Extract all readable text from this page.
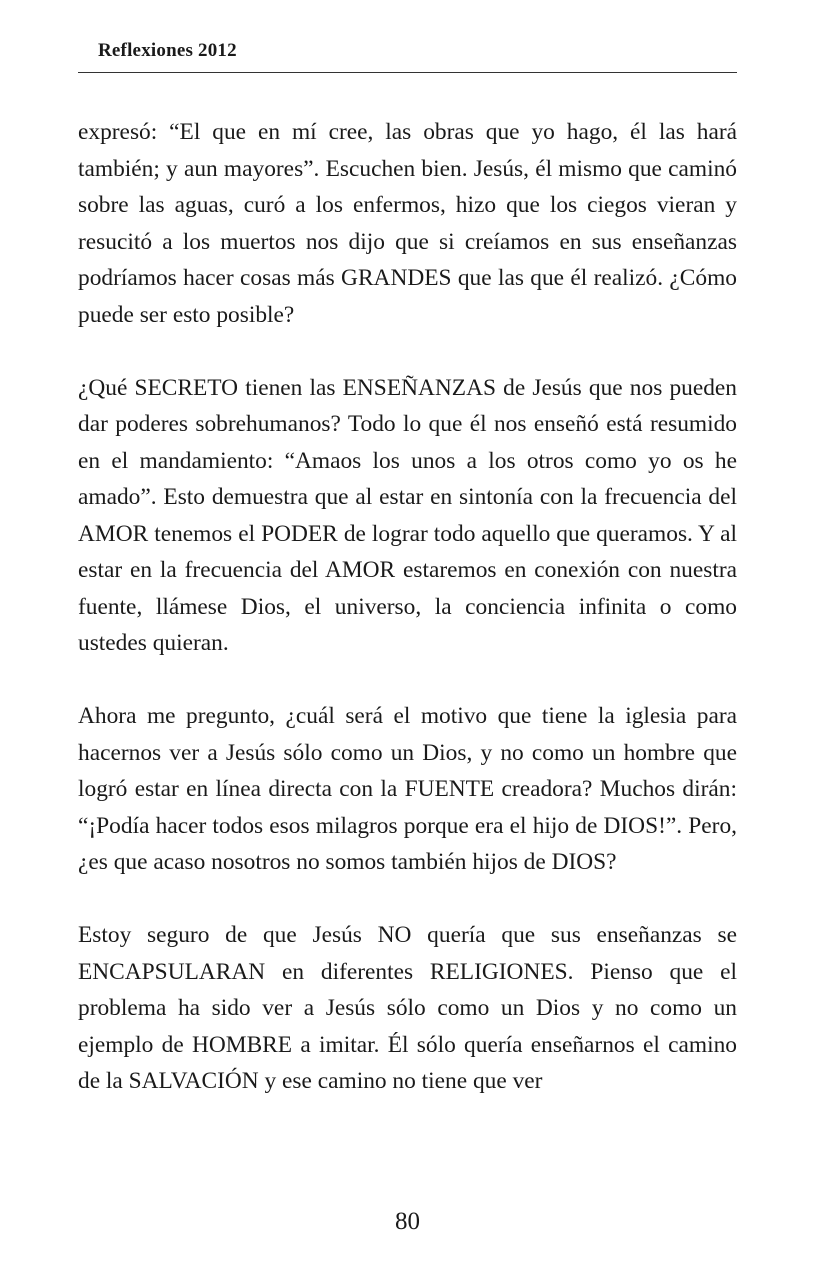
Reflexiones 2012

expresó: “El que en mí cree, las obras que yo hago, él las hará también; y aun mayores”. Escuchen bien. Jesús, él mismo que caminó sobre las aguas, curó a los enfermos, hizo que los ciegos vieran y resucitó a los muertos nos dijo que si creíamos en sus enseñanzas podríamos hacer cosas más GRANDES que las que él realizó. ¿Cómo puede ser esto posible?

¿Qué SECRETO tienen las ENSEÑANZAS de Jesús que nos pueden dar poderes sobrehumanos? Todo lo que él nos enseñó está resumido en el mandamiento: “Amaos los unos a los otros como yo os he amado”. Esto demuestra que al estar en sintonía con la frecuencia del AMOR tenemos el PODER de lograr todo aquello que queramos. Y al estar en la frecuencia del AMOR estaremos en conexión con nuestra fuente, llámese Dios, el universo, la conciencia infinita o como ustedes quieran.

Ahora me pregunto, ¿cuál será el motivo que tiene la iglesia para hacernos ver a Jesús sólo como un Dios, y no como un hombre que logró estar en línea directa con la FUENTE creadora? Muchos dirán: “¡Podía hacer todos esos milagros porque era el hijo de DIOS!”. Pero, ¿es que acaso nosotros no somos también hijos de DIOS?

Estoy seguro de que Jesús NO quería que sus enseñanzas se ENCAPSULARAN en diferentes RELIGIONES. Pienso que el problema ha sido ver a Jesús sólo como un Dios y no como un ejemplo de HOMBRE a imitar. Él sólo quería enseñarnos el camino de la SALVACIÓN y ese camino no tiene que ver

80
